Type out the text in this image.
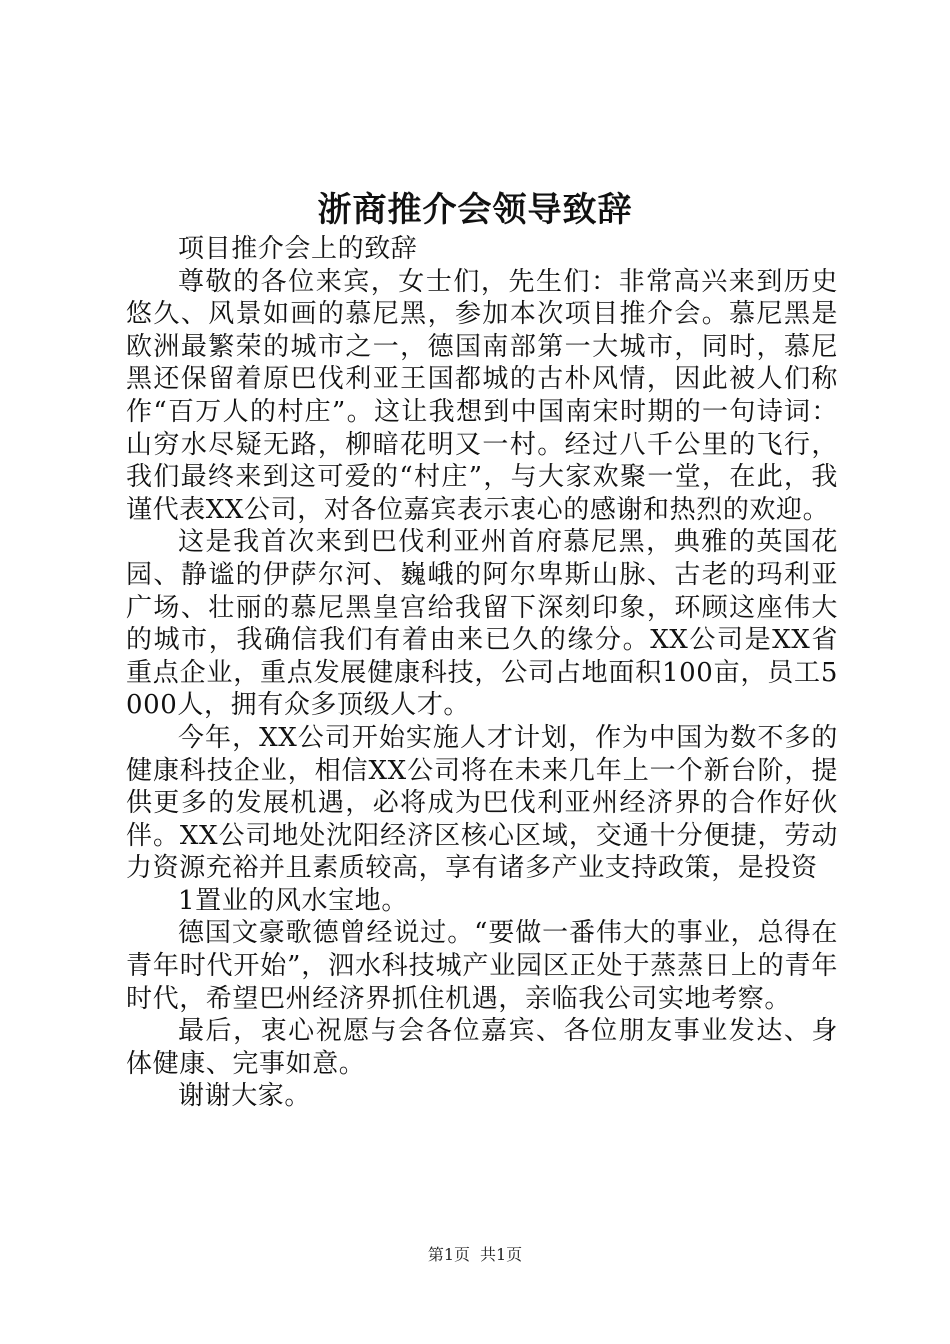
浙商推介会领导致辞

项目推介会上的致辞

尊敬的各位来宾，女士们，先生们：非常高兴来到历史悠久、风景如画的慕尼黑，参加本次项目推介会。慕尼黑是欧洲最繁荣的城市之一，德国南部第一大城市，同时，慕尼黑还保留着原巴伐利亚王国都城的古朴风情，因此被人们称作“百万人的村庄”。这让我想到中国南宋时期的一句诗词：山穷水尽疑无路，柳暗花明又一村。经过八千公里的飞行，我们最终来到这可爱的“村庄”，与大家欢聚一堂，在此，我谨代表XX公司，对各位嘉宾表示衷心的感谢和热烈的欢迎。

这是我首次来到巴伐利亚州首府慕尼黑，典雅的英国花园、静谧的伊萨尔河、巍峨的阿尔卑斯山脉、古老的玛利亚广场、壮丽的慕尼黑皇宫给我留下深刻印象，环顾这座伟大的城市，我确信我们有着由来已久的缘分。XX公司是XX省重点企业，重点发展健康科技，公司占地面积100亩，员工5000人，拥有众多顶级人才。

今年，XX公司开始实施人才计划，作为中国为数不多的健康科技企业，相信XX公司将在未来几年上一个新台阶，提供更多的发展机遇，必将成为巴伐利亚州经济界的合作好伙伴。XX公司地处沈阳经济区核心区域，交通十分便捷，劳动力资源充裕并且素质较高，享有诸多产业支持政策，是投资

1置业的风水宝地。

德国文豪歌德曾经说过。“要做一番伟大的事业，总得在青年时代开始”，泗水科技城产业园区正处于蒸蒸日上的青年时代，希望巴州经济界抓住机遇，亲临我公司实地考察。

最后，衷心祝愿与会各位嘉宾、各位朋友事业发达、身体健康、完事如意。

谢谢大家。

第1页 共1页
